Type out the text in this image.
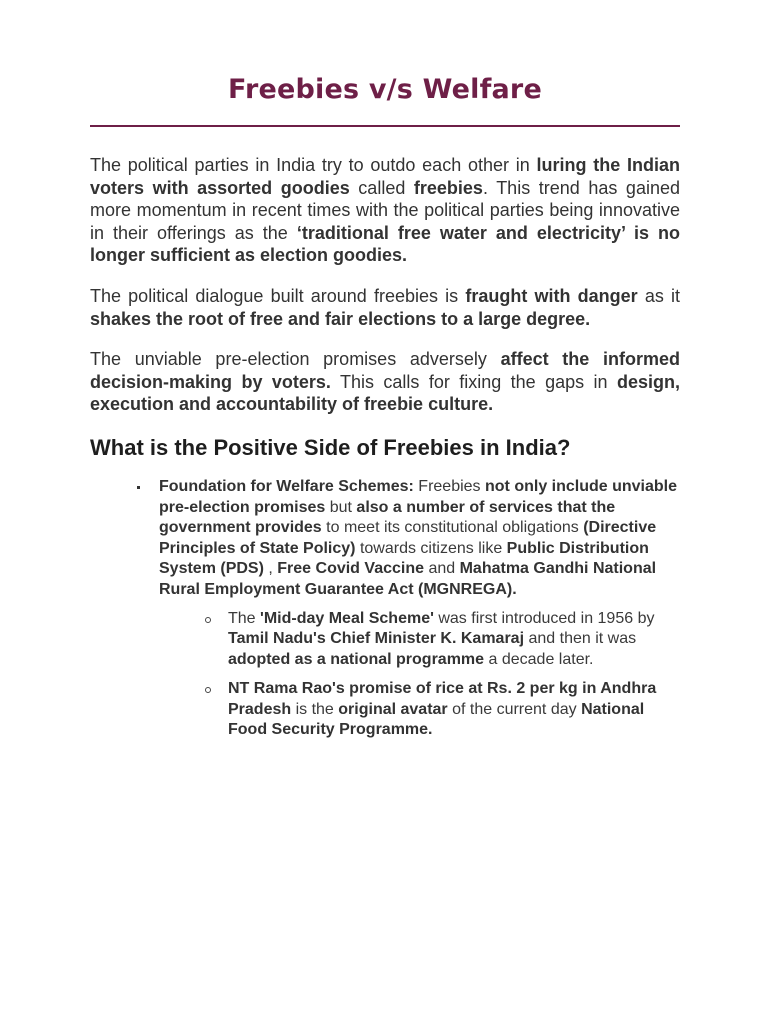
Freebies v/s Welfare

The political parties in India try to outdo each other in luring the Indian voters with assorted goodies called freebies. This trend has gained more momentum in recent times with the political parties being innovative in their offerings as the ‘traditional free water and electricity’ is no longer sufficient as election goodies.

The political dialogue built around freebies is fraught with danger as it shakes the root of free and fair elections to a large degree.

The unviable pre-election promises adversely affect the informed decision-making by voters. This calls for fixing the gaps in design, execution and accountability of freebie culture.

What is the Positive Side of Freebies in India?
Foundation for Welfare Schemes: Freebies not only include unviable pre-election promises but also a number of services that the government provides to meet its constitutional obligations (Directive Principles of State Policy) towards citizens like Public Distribution System (PDS) , Free Covid Vaccine and Mahatma Gandhi National Rural Employment Guarantee Act (MGNREGA).
The 'Mid-day Meal Scheme' was first introduced in 1956 by Tamil Nadu's Chief Minister K. Kamaraj and then it was adopted as a national programme a decade later.
NT Rama Rao's promise of rice at Rs. 2 per kg in Andhra Pradesh is the original avatar of the current day National Food Security Programme.
